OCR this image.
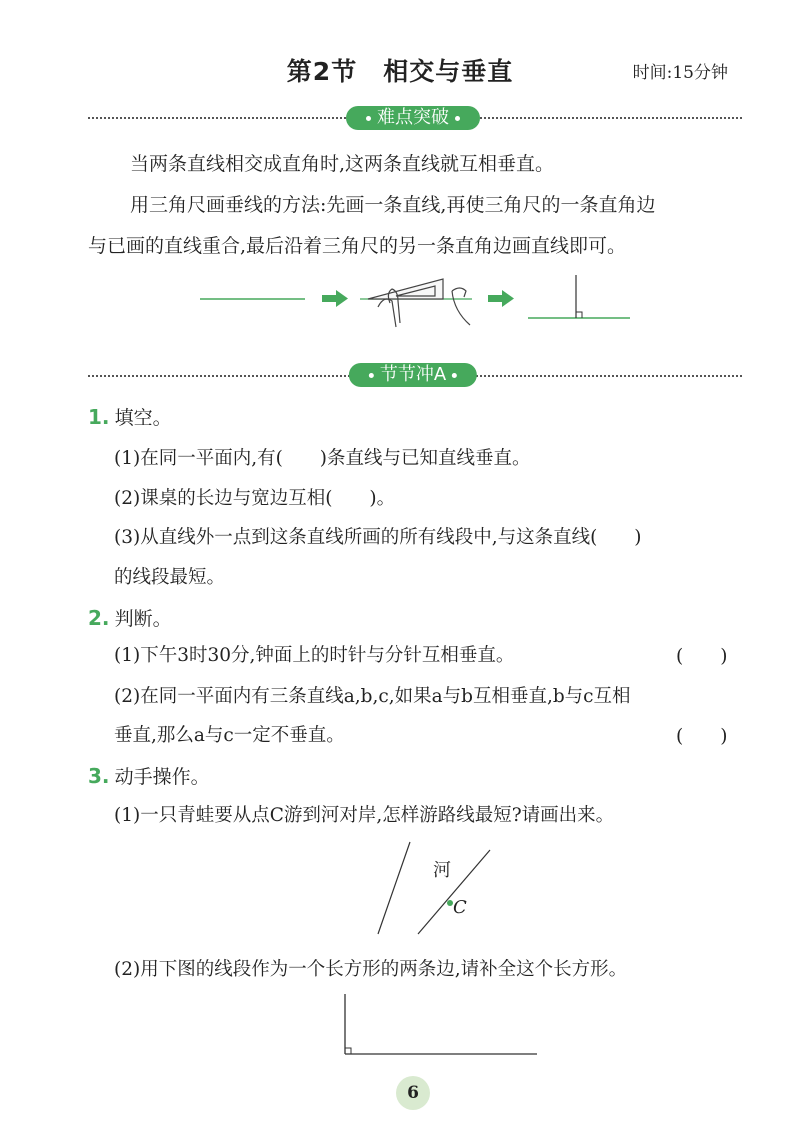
第2节　相交与垂直	时间:15分钟
难点突破
当两条直线相交成直角时,这两条直线就互相垂直。
用三角尺画垂线的方法:先画一条直线,再使三角尺的一条直角边
与已画的直线重合,最后沿着三角尺的另一条直角边画直线即可。
节节冲A
1. 填空。
(1)在同一平面内,有(　　)条直线与已知直线垂直。
(2)课桌的长边与宽边互相(　　)。
(3)从直线外一点到这条直线所画的所有线段中,与这条直线(　　)
的线段最短。
2. 判断。
(1)下午3时30分,钟面上的时针与分针互相垂直。	(　　)
(2)在同一平面内有三条直线a,b,c,如果a与b互相垂直,b与c互相
垂直,那么a与c一定不垂直。	(　　)
3. 动手操作。
(1)一只青蛙要从点C游到河对岸,怎样游路线最短?请画出来。
河
C
(2)用下图的线段作为一个长方形的两条边,请补全这个长方形。
6
